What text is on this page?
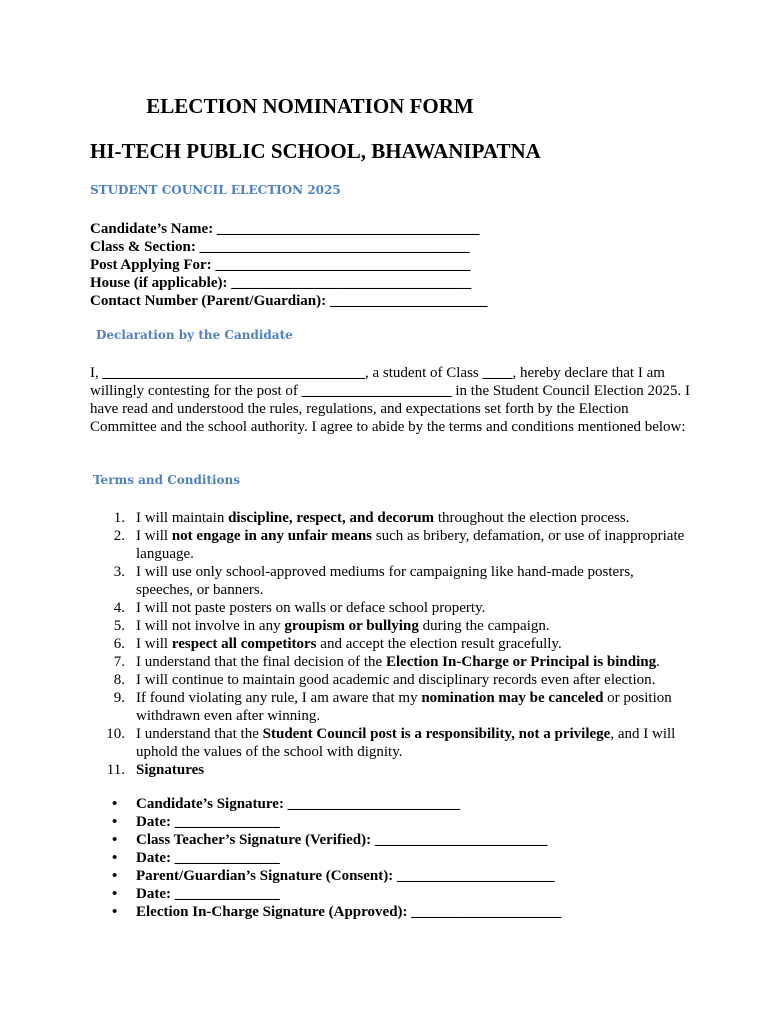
ELECTION NOMINATION FORM
HI-TECH PUBLIC SCHOOL, BHAWANIPATNA
STUDENT COUNCIL ELECTION 2025
Candidate’s Name: ___________________________________
Class & Section: ____________________________________
Post Applying For: __________________________________
House (if applicable): ________________________________
Contact Number (Parent/Guardian): _____________________
Declaration by the Candidate

I, ___________________________________, a student of Class ____, hereby declare that I am willingly contesting for the post of ____________________ in the Student Council Election 2025. I have read and understood the rules, regulations, and expectations set forth by the Election Committee and the school authority. I agree to abide by the terms and conditions mentioned below:

Terms and Conditions
1. I will maintain discipline, respect, and decorum throughout the election process.
2. I will not engage in any unfair means such as bribery, defamation, or use of inappropriate language.
3. I will use only school-approved mediums for campaigning like hand-made posters, speeches, or banners.
4. I will not paste posters on walls or deface school property.
5. I will not involve in any groupism or bullying during the campaign.
6. I will respect all competitors and accept the election result gracefully.
7. I understand that the final decision of the Election In-Charge or Principal is binding.
8. I will continue to maintain good academic and disciplinary records even after election.
9. If found violating any rule, I am aware that my nomination may be canceled or position withdrawn even after winning.
10. I understand that the Student Council post is a responsibility, not a privilege, and I will uphold the values of the school with dignity.
11. Signatures
• Candidate’s Signature: _______________________
• Date: ______________
• Class Teacher’s Signature (Verified): _______________________
• Date: ______________
• Parent/Guardian’s Signature (Consent): _____________________
• Date: ______________
• Election In-Charge Signature (Approved): ____________________
